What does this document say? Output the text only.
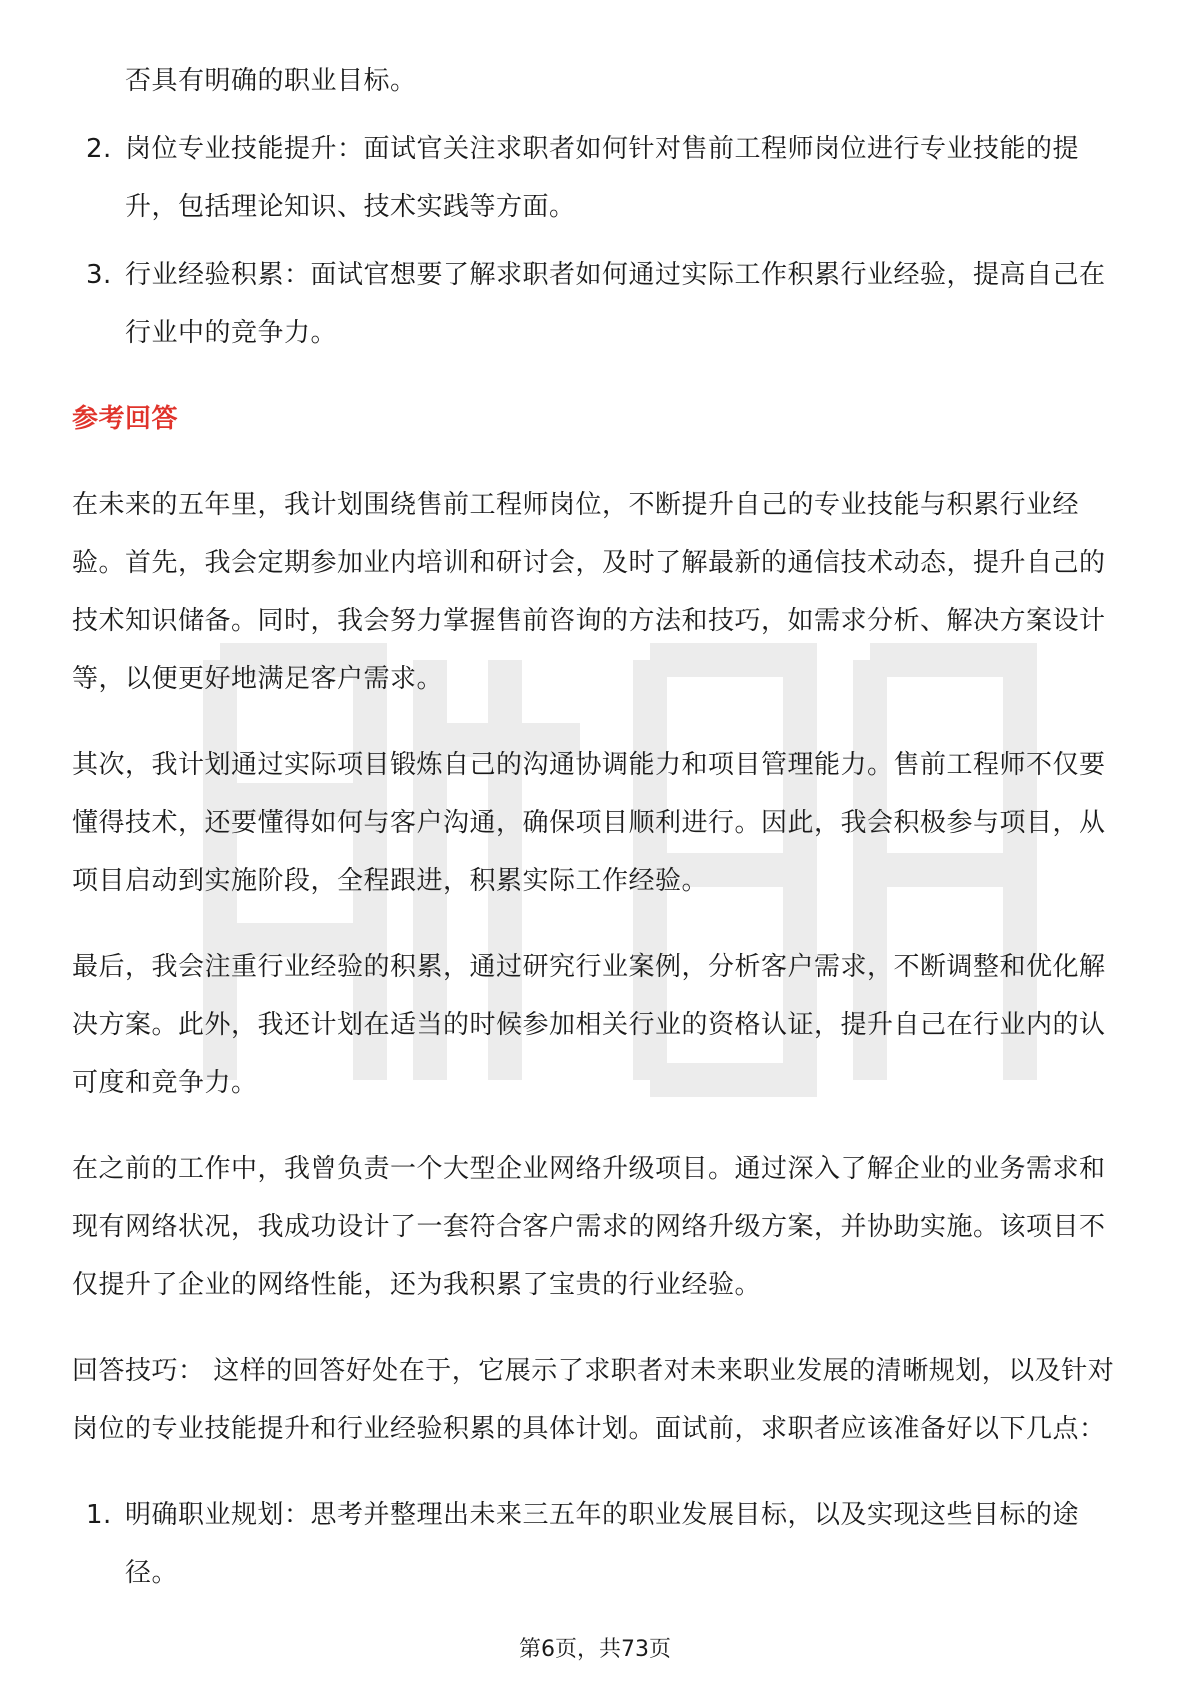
否具有明确的职业目标。
2. 岗位专业技能提升：面试官关注求职者如何针对售前工程师岗位进行专业技能的提升，包括理论知识、技术实践等方面。
3. 行业经验积累：面试官想要了解求职者如何通过实际工作积累行业经验，提高自己在行业中的竞争力。
参考回答

在未来的五年里，我计划围绕售前工程师岗位，不断提升自己的专业技能与积累行业经验。首先，我会定期参加业内培训和研讨会，及时了解最新的通信技术动态，提升自己的技术知识储备。同时，我会努力掌握售前咨询的方法和技巧，如需求分析、解决方案设计等，以便更好地满足客户需求。

其次，我计划通过实际项目锻炼自己的沟通协调能力和项目管理能力。售前工程师不仅要懂得技术，还要懂得如何与客户沟通，确保项目顺利进行。因此，我会积极参与项目，从项目启动到实施阶段，全程跟进，积累实际工作经验。

最后，我会注重行业经验的积累，通过研究行业案例，分析客户需求，不断调整和优化解决方案。此外，我还计划在适当的时候参加相关行业的资格认证，提升自己在行业内的认可度和竞争力。

在之前的工作中，我曾负责一个大型企业网络升级项目。通过深入了解企业的业务需求和现有网络状况，我成功设计了一套符合客户需求的网络升级方案，并协助实施。该项目不仅提升了企业的网络性能，还为我积累了宝贵的行业经验。

回答技巧： 这样的回答好处在于，它展示了求职者对未来职业发展的清晰规划，以及针对岗位的专业技能提升和行业经验积累的具体计划。面试前，求职者应该准备好以下几点：

1. 明确职业规划：思考并整理出未来三五年的职业发展目标，以及实现这些目标的途径。
第6页，共73页
